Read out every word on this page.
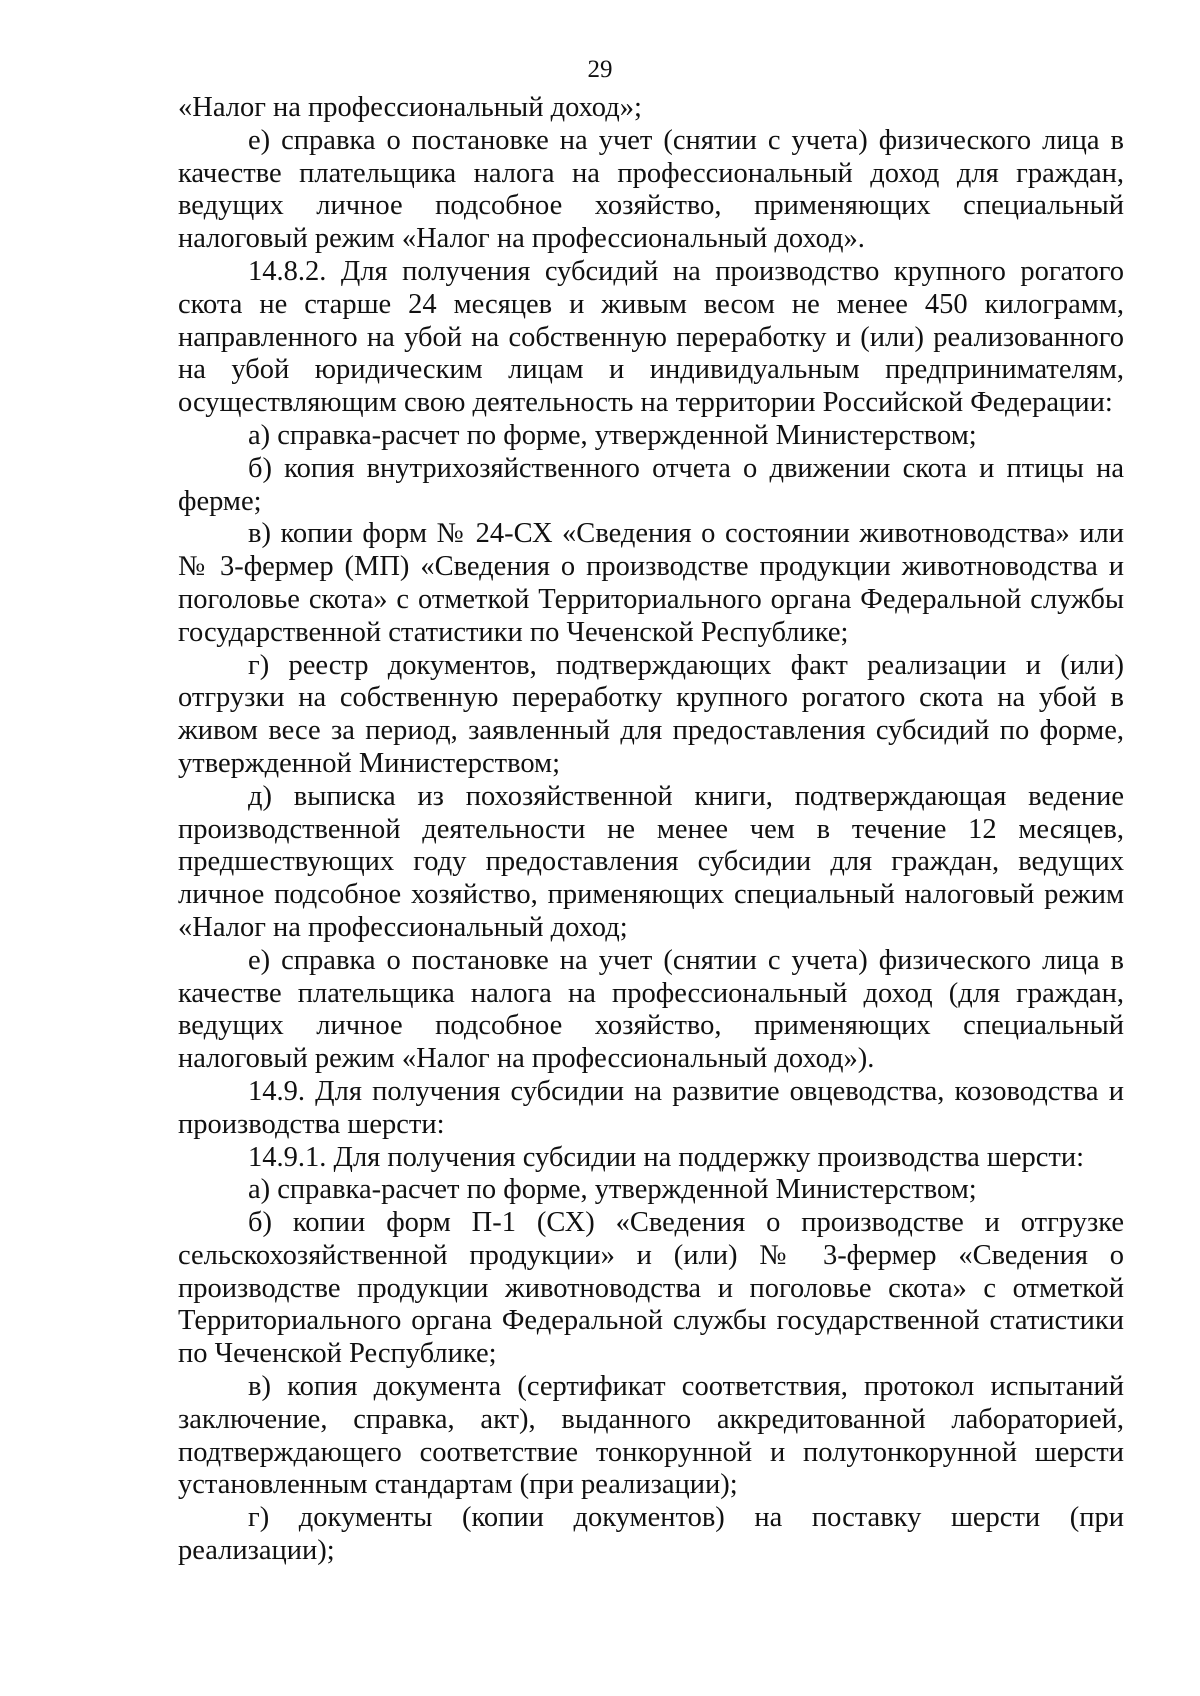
29

«Налог на профессиональный доход»;

е) справка о постановке на учет (снятии с учета) физического лица в качестве плательщика налога на профессиональный доход для граждан, ведущих личное подсобное хозяйство, применяющих специальный налоговый режим «Налог на профессиональный доход».

14.8.2. Для получения субсидий на производство крупного рогатого скота не старше 24 месяцев и живым весом не менее 450 килограмм, направленного на убой на собственную переработку и (или) реализованного на убой юридическим лицам и индивидуальным предпринимателям, осуществляющим свою деятельность на территории Российской Федерации:

а) справка-расчет по форме, утвержденной Министерством;

б) копия внутрихозяйственного отчета о движении скота и птицы на ферме;

в) копии форм № 24-СХ «Сведения о состоянии животноводства» или № 3-фермер (МП) «Сведения о производстве продукции животноводства и поголовье скота» с отметкой Территориального органа Федеральной службы государственной статистики по Чеченской Республике;

г) реестр документов, подтверждающих факт реализации и (или) отгрузки на собственную переработку крупного рогатого скота на убой в живом весе за период, заявленный для предоставления субсидий по форме, утвержденной Министерством;

д) выписка из похозяйственной книги, подтверждающая ведение производственной деятельности не менее чем в течение 12 месяцев, предшествующих году предоставления субсидии для граждан, ведущих личное подсобное хозяйство, применяющих специальный налоговый режим «Налог на профессиональный доход;

е) справка о постановке на учет (снятии с учета) физического лица в качестве плательщика налога на профессиональный доход (для граждан, ведущих личное подсобное хозяйство, применяющих специальный налоговый режим «Налог на профессиональный доход»).

14.9. Для получения субсидии на развитие овцеводства, козоводства и производства шерсти:

14.9.1. Для получения субсидии на поддержку производства шерсти:

а) справка-расчет по форме, утвержденной Министерством;

б) копии форм П-1 (СХ) «Сведения о производстве и отгрузке сельскохозяйственной продукции» и (или) № 3-фермер «Сведения о производстве продукции животноводства и поголовье скота» с отметкой Территориального органа Федеральной службы государственной статистики по Чеченской Республике;

в) копия документа (сертификат соответствия, протокол испытаний заключение, справка, акт), выданного аккредитованной лабораторией, подтверждающего соответствие тонкорунной и полутонкорунной шерсти установленным стандартам (при реализации);

г) документы (копии документов) на поставку шерсти (при реализации);
